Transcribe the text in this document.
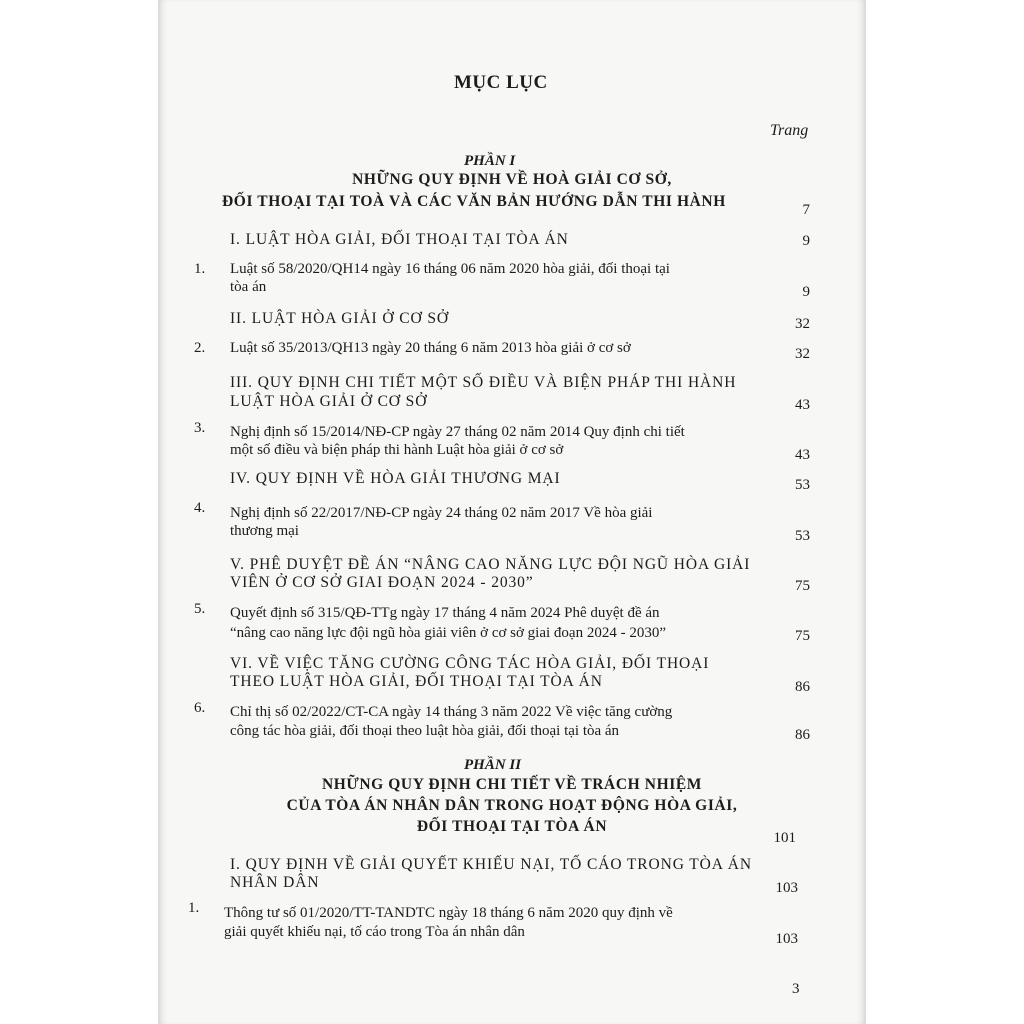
MỤC LỤC
Trang
PHẦN I
NHỮNG QUY ĐỊNH VỀ HOÀ GIẢI CƠ SỞ,
ĐỐI THOẠI TẠI TOÀ VÀ CÁC VĂN BẢN HƯỚNG DẪN THI HÀNH	7
I. LUẬT HÒA GIẢI, ĐỐI THOẠI TẠI TÒA ÁN	9
1. Luật số 58/2020/QH14 ngày 16 tháng 06 năm 2020 hòa giải, đối thoại tại
tòa án	9
II. LUẬT HÒA GIẢI Ở CƠ SỞ	32
2. Luật số 35/2013/QH13 ngày 20 tháng 6 năm 2013 hòa giải ở cơ sở	32
III. QUY ĐỊNH CHI TIẾT MỘT SỐ ĐIỀU VÀ BIỆN PHÁP THI HÀNH
LUẬT HÒA GIẢI Ở CƠ SỞ	43
3. Nghị định số 15/2014/NĐ-CP ngày 27 tháng 02 năm 2014 Quy định chi tiết
một số điều và biện pháp thi hành Luật hòa giải ở cơ sở	43
IV. QUY ĐỊNH VỀ HÒA GIẢI THƯƠNG MẠI	53
4. Nghị định số 22/2017/NĐ-CP ngày 24 tháng 02 năm 2017 Về hòa giải
thương mại	53
V. PHÊ DUYỆT ĐỀ ÁN “NÂNG CAO NĂNG LỰC ĐỘI NGŨ HÒA GIẢI
VIÊN Ở CƠ SỞ GIAI ĐOẠN 2024 - 2030”	75
5. Quyết định số 315/QĐ-TTg ngày 17 tháng 4 năm 2024 Phê duyệt đề án
“nâng cao năng lực đội ngũ hòa giải viên ở cơ sở giai đoạn 2024 - 2030”	75
VI. VỀ VIỆC TĂNG CƯỜNG CÔNG TÁC HÒA GIẢI, ĐỐI THOẠI
THEO LUẬT HÒA GIẢI, ĐỐI THOẠI TẠI TÒA ÁN	86
6. Chỉ thị số 02/2022/CT-CA ngày 14 tháng 3 năm 2022 Về việc tăng cường
công tác hòa giải, đối thoại theo luật hòa giải, đối thoại tại tòa án	86
PHẦN II
NHỮNG QUY ĐỊNH CHI TIẾT VỀ TRÁCH NHIỆM
CỦA TÒA ÁN NHÂN DÂN TRONG HOẠT ĐỘNG HÒA GIẢI,
ĐỐI THOẠI TẠI TÒA ÁN
101
I. QUY ĐỊNH VỀ GIẢI QUYẾT KHIẾU NẠI, TỐ CÁO TRONG TÒA ÁN
NHÂN DÂN	103
1. Thông tư số 01/2020/TT-TANDTC ngày 18 tháng 6 năm 2020 quy định về
giải quyết khiếu nại, tố cáo trong Tòa án nhân dân	103
3
